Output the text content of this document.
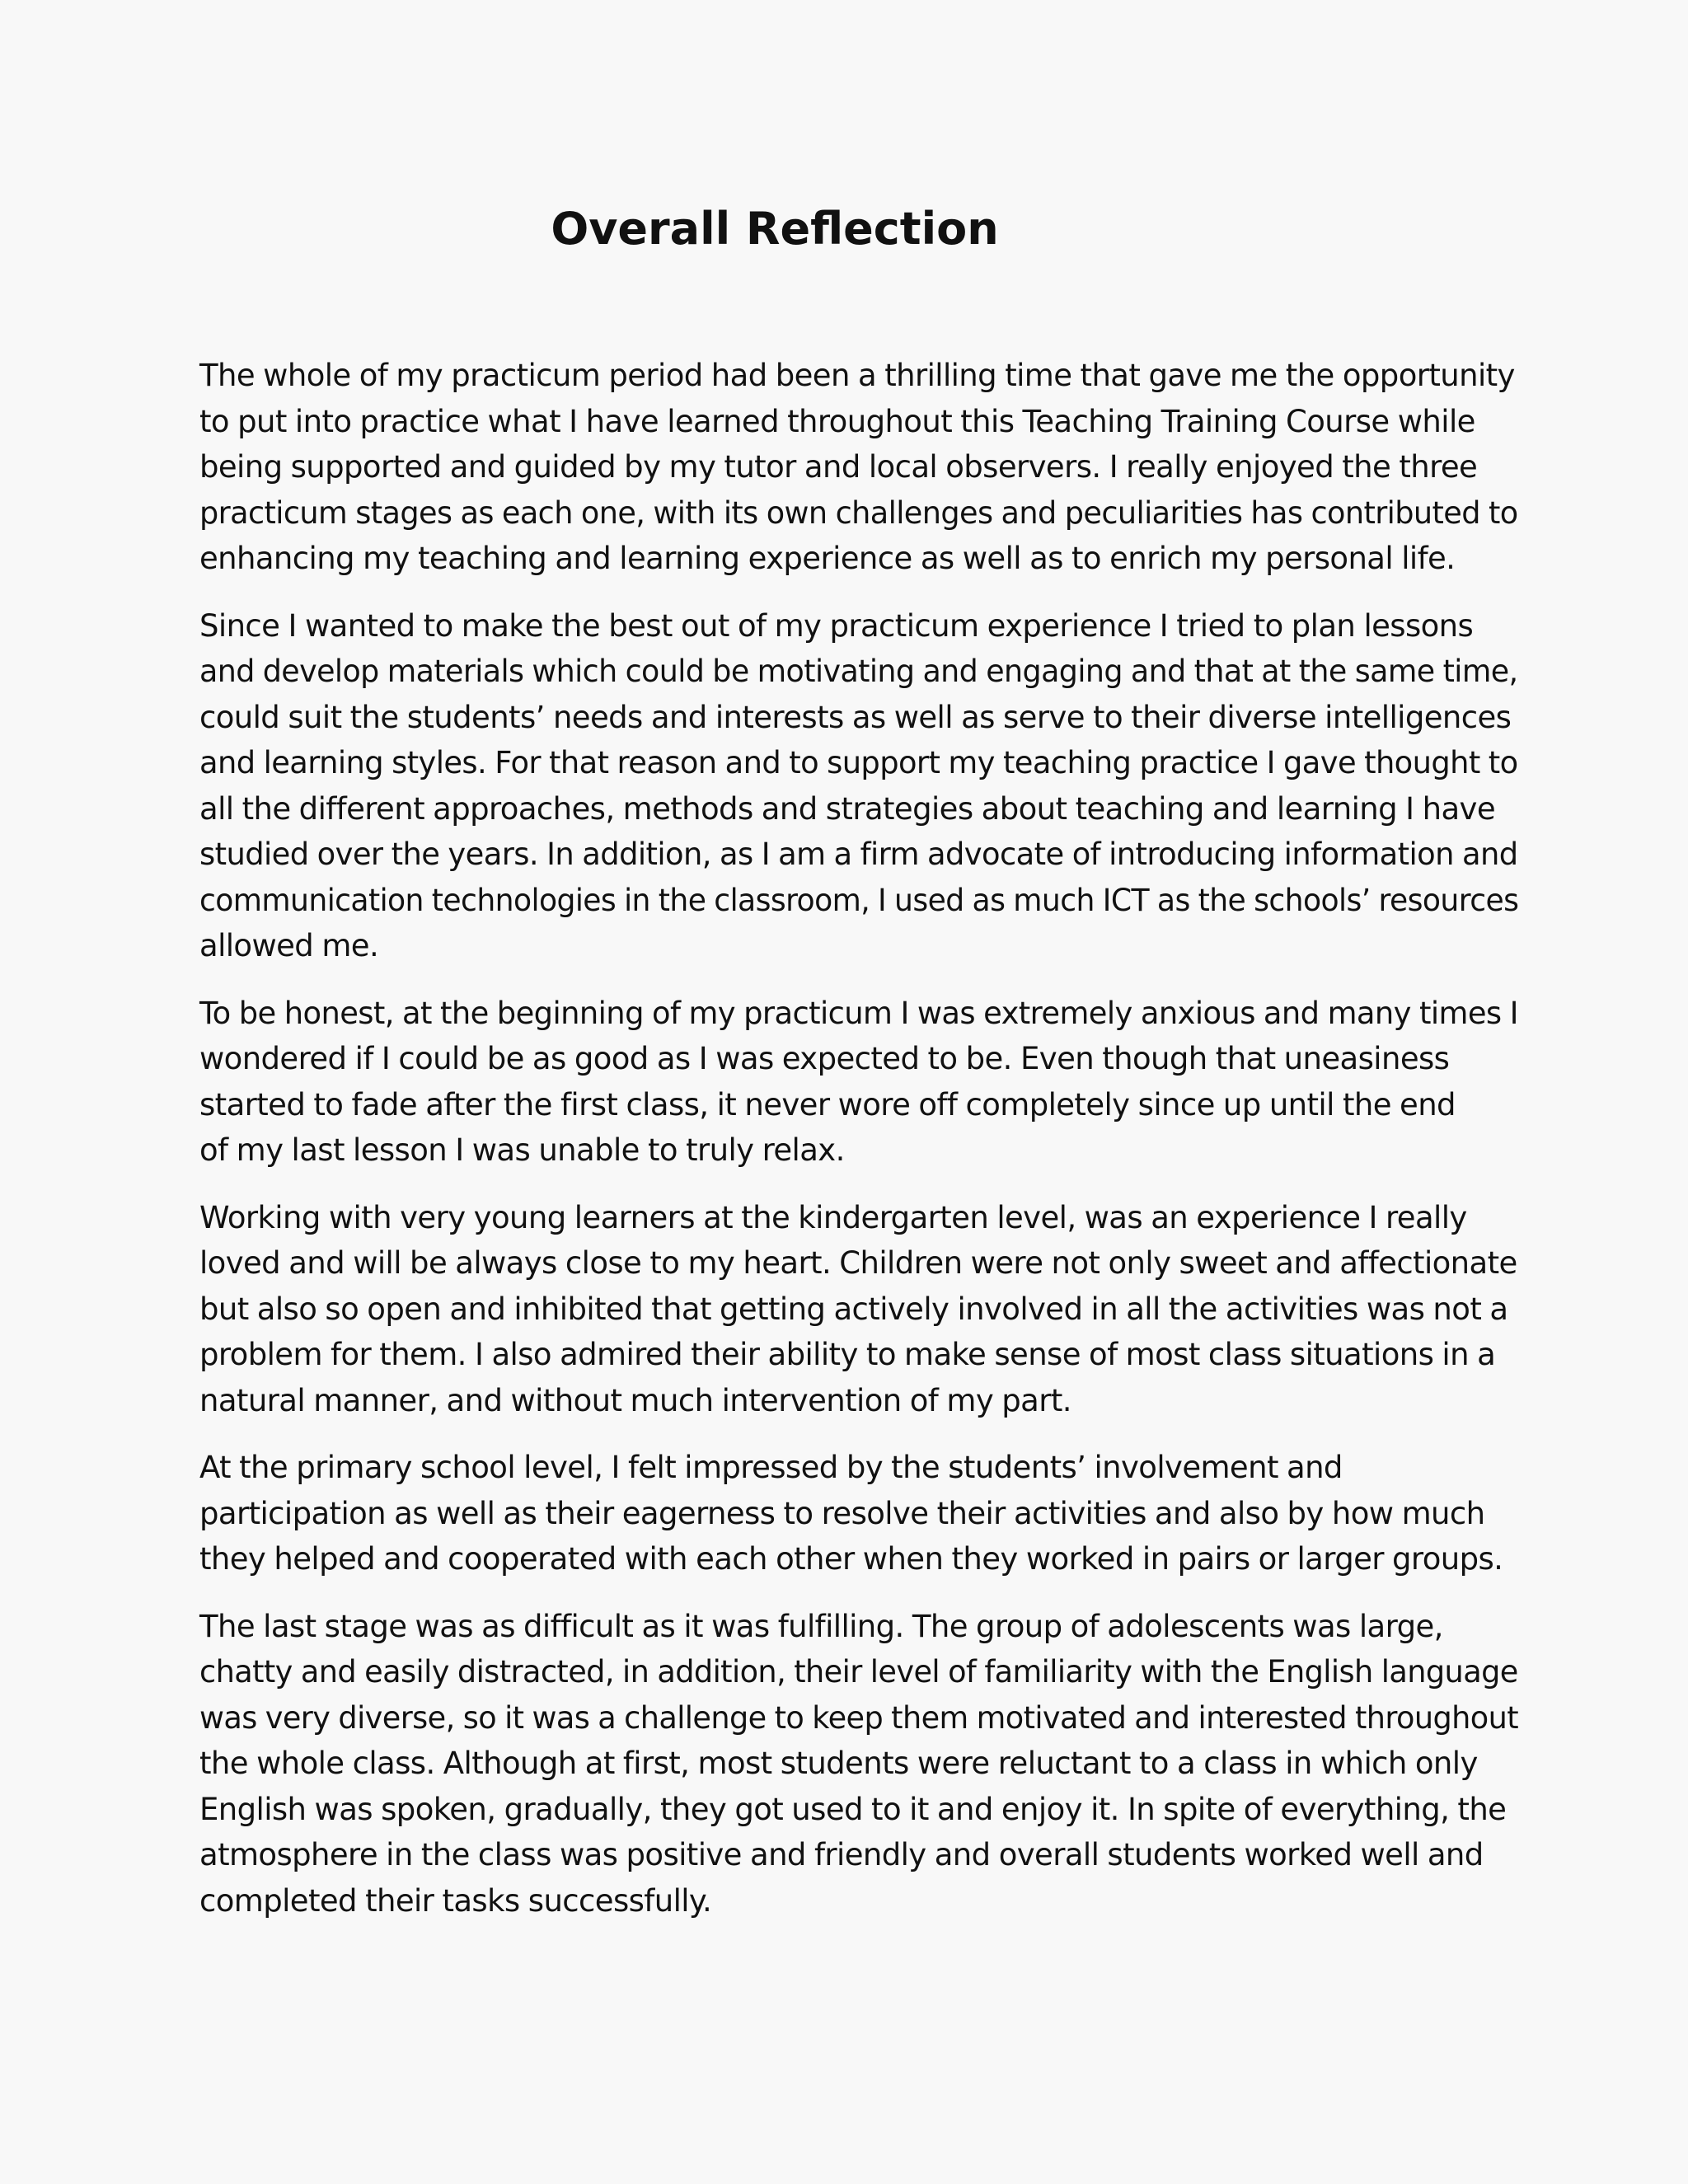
Overall Reflection

The whole of my practicum period had been a thrilling time that gave me the opportunity
to put into practice what I have learned throughout this Teaching Training Course while
being supported and guided by my tutor and local observers. I really enjoyed the three
practicum stages as each one, with its own challenges and peculiarities has contributed to
enhancing my teaching and learning experience as well as to enrich my personal life.

Since I wanted to make the best out of my practicum experience I tried to plan lessons
and develop materials which could be motivating and engaging and that at the same time,
could suit the students’ needs and interests as well as serve to their diverse intelligences
and learning styles. For that reason and to support my teaching practice I gave thought to
all the different approaches, methods and strategies about teaching and learning I have
studied over the years. In addition, as I am a firm advocate of introducing information and
communication technologies in the classroom, I used as much ICT as the schools’ resources
allowed me.

To be honest, at the beginning of my practicum I was extremely anxious and many times I
wondered if I could be as good as I was expected to be. Even though that uneasiness
started to fade after the first class, it never wore off completely since up until the end
of my last lesson I was unable to truly relax.

Working with very young learners at the kindergarten level, was an experience I really
loved and will be always close to my heart. Children were not only sweet and affectionate
but also so open and inhibited that getting actively involved in all the activities was not a
problem for them. I also admired their ability to make sense of most class situations in a
natural manner, and without much intervention of my part.

At the primary school level, I felt impressed by the students’ involvement and
participation as well as their eagerness to resolve their activities and also by how much
they helped and cooperated with each other when they worked in pairs or larger groups.

The last stage was as difficult as it was fulfilling. The group of adolescents was large,
chatty and easily distracted, in addition, their level of familiarity with the English language
was very diverse, so it was a challenge to keep them motivated and interested throughout
the whole class. Although at first, most students were reluctant to a class in which only
English was spoken, gradually, they got used to it and enjoy it. In spite of everything, the
atmosphere in the class was positive and friendly and overall students worked well and
completed their tasks successfully.
